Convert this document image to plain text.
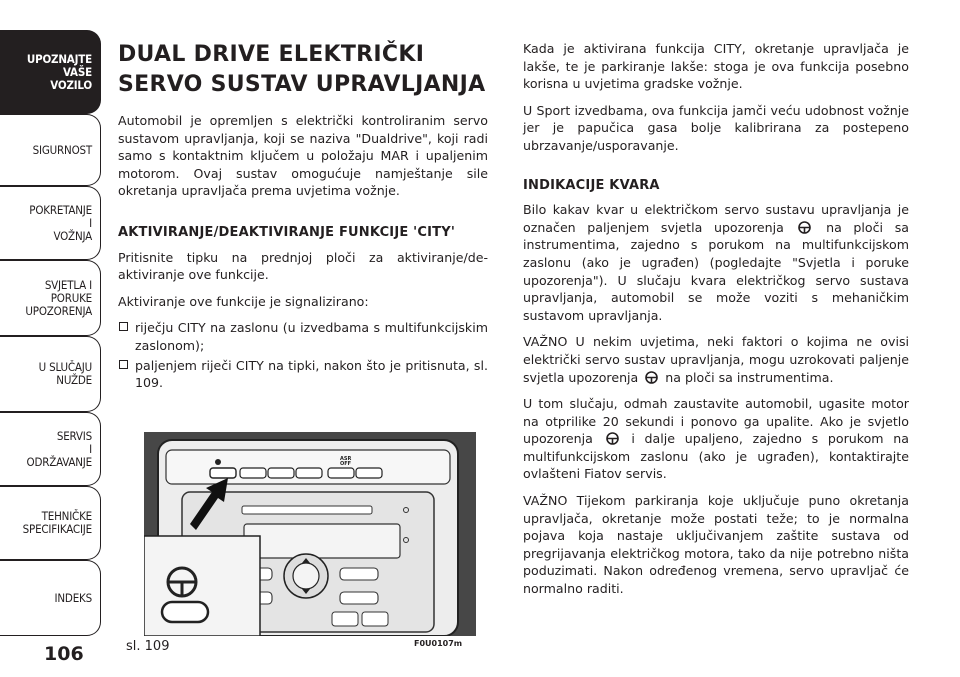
UPOZNAJTE
VAŠE
VOZILO
SIGURNOST
POKRETANJE
I
VOŽNJA
SVJETLA I
PORUKE
UPOZORENJA
U SLUČAJU
NUŽDE
SERVIS
I
ODRŽAVANJE
TEHNIČKE
SPECIFIKACIJE
INDEKS
106
DUAL DRIVE ELEKTRIČKI SERVO SUSTAV UPRAVLJANJA

Automobil je opremljen s električki kontroliranim servo sustavom upravljanja, koji se naziva "Dualdrive", koji radi samo s kontaktnim ključem u položaju MAR i upaljenim motorom. Ovaj sustav omogućuje namještanje sile okretanja upravljača prema uvjetima vožnje.

AKTIVIRANJE/DEAKTIVIRANJE FUNKCIJE 'CITY'

Pritisnite tipku na prednjoj ploči za aktiviranje/de-aktiviranje ove funkcije.

Aktiviranje ove funkcije je signalizirano:

riječju CITY na zaslonu (u izvedbama s multifunkcijskim zaslonom);
paljenjem riječi CITY na tipki, nakon što je pritisnuta, sl. 109.
ASR
OFF
sl. 109	F0U0107m

Kada je aktivirana funkcija CITY, okretanje upravljača je lakše, te je parkiranje lakše: stoga je ova funkcija posebno korisna u uvjetima gradske vožnje.

U Sport izvedbama, ova funkcija jamči veću udobnost vožnje jer je papučica gasa bolje kalibrirana za postepeno ubrzavanje/usporavanje.

INDIKACIJE KVARA

Bilo kakav kvar u električkom servo sustavu upravljanja je označen paljenjem svjetla upozorenja	na ploči sa instrumentima, zajedno s porukom na multifunkcijskom zaslonu (ako je ugrađen) (pogledajte "Svjetla i poruke upozorenja"). U slučaju kvara električkog servo sustava upravljanja, automobil se može voziti s mehaničkim sustavom upravljanja.

VAŽNO U nekim uvjetima, neki faktori o kojima ne ovisi električki servo sustav upravljanja, mogu uzrokovati paljenje svjetla upozorenja na ploči sa instrumentima.

U tom slučaju, odmah zaustavite automobil, ugasite motor na otprilike 20 sekundi i ponovo ga upalite. Ako je svjetlo upozorenja	i dalje upaljeno, zajedno s porukom na multifunkcijskom zaslonu (ako je ugrađen), kontaktirajte ovlašteni Fiatov servis.

VAŽNO Tijekom parkiranja koje uključuje puno okretanja upravljača, okretanje može postati teže; to je normalna pojava koja nastaje uključivanjem zaštite sustava od pregrijavanja električkog motora, tako da nije potrebno ništa poduzimati. Nakon određenog vremena, servo upravljač će normalno raditi.
